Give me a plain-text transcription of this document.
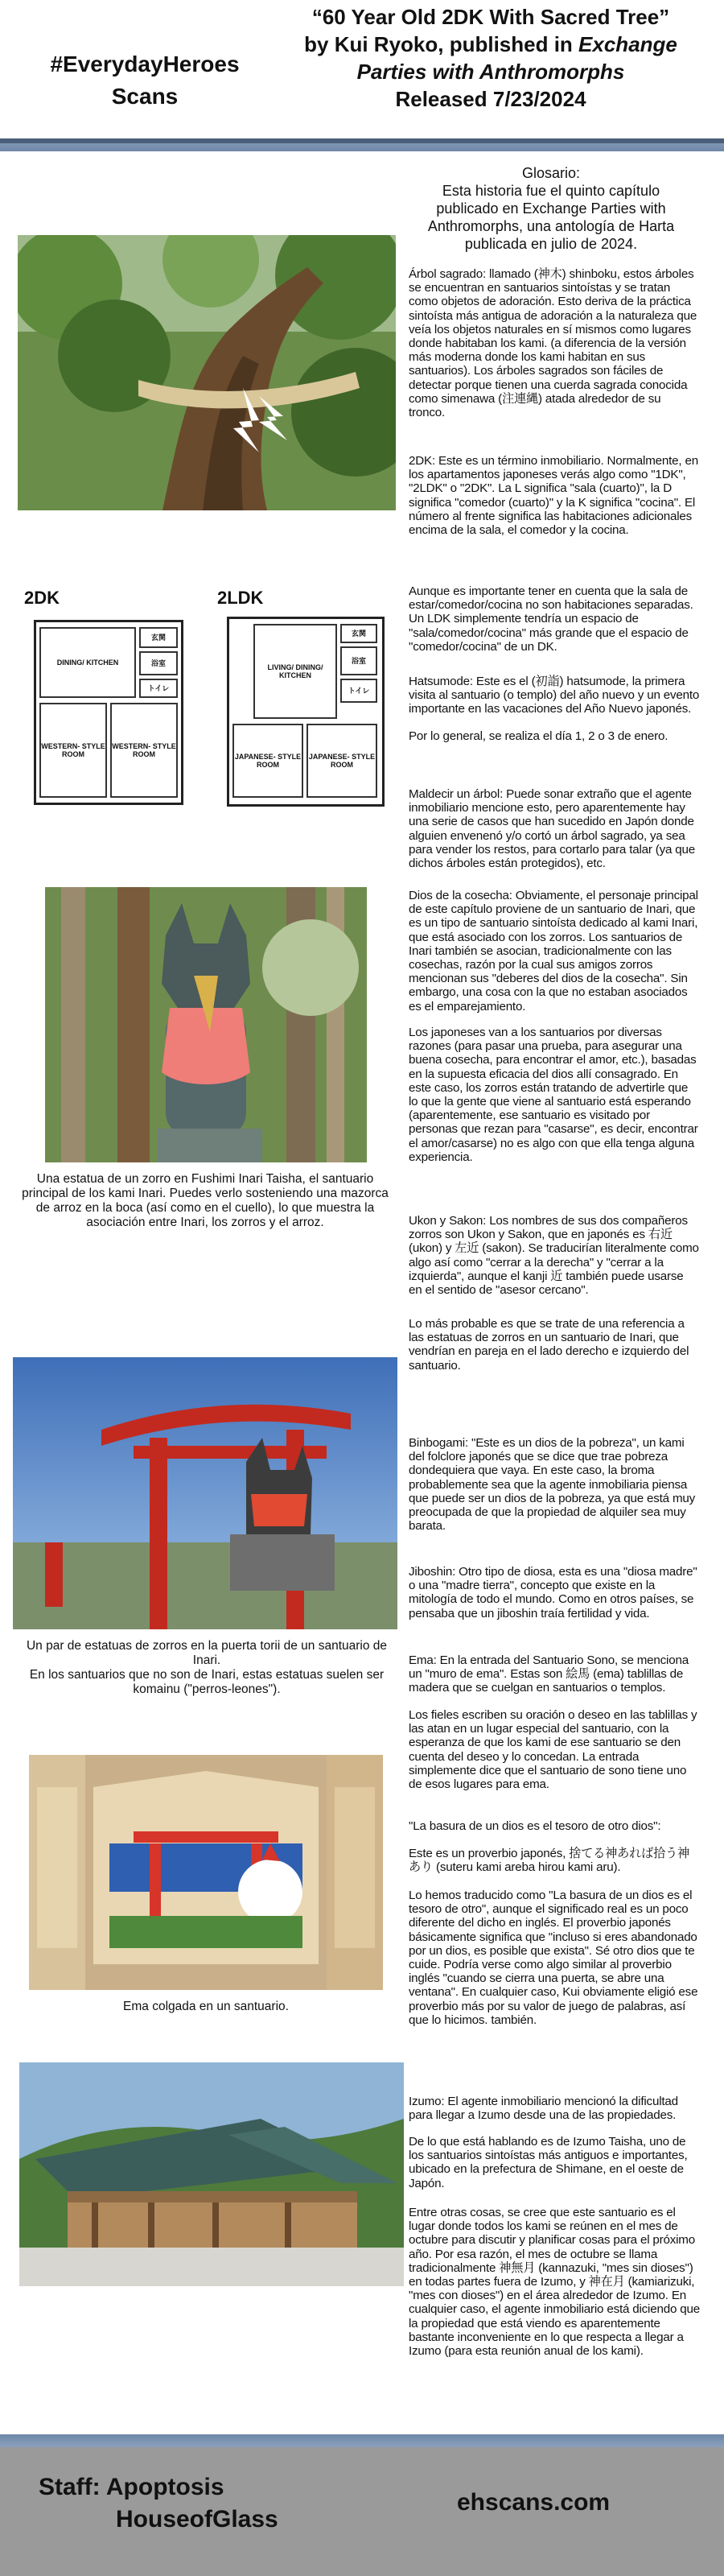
#EverydayHeroes
Scans
“60 Year Old 2DK With Sacred Tree”
by Kui Ryoko, published in Exchange
Parties with Anthromorphs
Released 7/23/2024
Glosario:
Esta historia fue el quinto capítulo publicado en Exchange Parties with Anthromorphs, una antología de Harta publicada en julio de 2024.
Árbol sagrado: llamado (神木) shinboku, estos árboles se encuentran en santuarios sintoístas y se tratan como objetos de adoración. Esto deriva de la práctica sintoísta más antigua de adoración a la naturaleza que veía los objetos naturales en sí mismos como lugares donde habitaban los kami. (a diferencia de la versión más moderna donde los kami habitan en sus santuarios). Los árboles sagrados son fáciles de detectar porque tienen una cuerda sagrada conocida como simenawa (注連縄) atada alrededor de su tronco.
2DK: Este es un término inmobiliario. Normalmente, en los apartamentos japoneses verás algo como "1DK", "2LDK" o "2DK". La L significa "sala (cuarto)", la D significa "comedor (cuarto)" y la K significa "cocina". El número al frente significa las habitaciones adicionales encima de la sala, el comedor y la cocina.
Aunque es importante tener en cuenta que la sala de estar/comedor/cocina no son habitaciones separadas. Un LDK simplemente tendría un espacio de "sala/comedor/cocina" más grande que el espacio de "comedor/cocina" de un DK.
2DK
DINING/ KITCHEN
玄関
浴室
トイレ
WESTERN- STYLE ROOM
WESTERN- STYLE ROOM
2LDK
玄関
LIVING/ DINING/ KITCHEN
浴室
トイレ
JAPANESE- STYLE ROOM
JAPANESE- STYLE ROOM
Hatsumode: Este es el (初詣) hatsumode, la primera visita al santuario (o templo) del año nuevo y un evento importante en las vacaciones del Año Nuevo japonés.
Por lo general, se realiza el día 1, 2 o 3 de enero.
Maldecir un árbol: Puede sonar extraño que el agente inmobiliario mencione esto, pero aparentemente hay una serie de casos que han sucedido en Japón donde alguien envenenó y/o cortó un árbol sagrado, ya sea para vender los restos, para cortarlo para talar (ya que dichos árboles están protegidos), etc.
Una estatua de un zorro en Fushimi Inari Taisha, el santuario principal de los kami Inari. Puedes verlo sosteniendo una mazorca de arroz en la boca (así como en el cuello), lo que muestra la asociación entre Inari, los zorros y el arroz.
Dios de la cosecha: Obviamente, el personaje principal de este capítulo proviene de un santuario de Inari, que es un tipo de santuario sintoísta dedicado al kami Inari, que está asociado con los zorros. Los santuarios de Inari también se asocian, tradicionalmente con las cosechas, razón por la cual sus amigos zorros mencionan sus "deberes del dios de la cosecha". Sin embargo, una cosa con la que no estaban asociados es el emparejamiento.
Los japoneses van a los santuarios por diversas razones (para pasar una prueba, para asegurar una buena cosecha, para encontrar el amor, etc.), basadas en la supuesta eficacia del dios allí consagrado. En este caso, los zorros están tratando de advertirle que lo que la gente que viene al santuario está esperando (aparentemente, ese santuario es visitado por personas que rezan para "casarse", es decir, encontrar el amor/casarse) no es algo con que ella tenga alguna experiencia.
Ukon y Sakon: Los nombres de sus dos compañeros zorros son Ukon y Sakon, que en japonés es 右近 (ukon) y 左近 (sakon). Se traducirían literalmente como algo así como "cerrar a la derecha" y "cerrar a la izquierda", aunque el kanji 近 también puede usarse en el sentido de "asesor cercano".
Lo más probable es que se trate de una referencia a las estatuas de zorros en un santuario de Inari, que vendrían en pareja en el lado derecho e izquierdo del santuario.
Un par de estatuas de zorros en la puerta torii de un santuario de Inari.
En los santuarios que no son de Inari, estas estatuas suelen ser komainu ("perros-leones").
Binbogami: "Este es un dios de la pobreza", un kami del folclore japonés que se dice que trae pobreza dondequiera que vaya. En este caso, la broma probablemente sea que la agente inmobiliaria piensa que puede ser un dios de la pobreza, ya que está muy preocupada de que la propiedad de alquiler sea muy barata.
Jiboshin: Otro tipo de diosa, esta es una "diosa madre" o una "madre tierra", concepto que existe en la mitología de todo el mundo. Como en otros países, se pensaba que un jiboshin traía fertilidad y vida.
Ema: En la entrada del Santuario Sono, se menciona un "muro de ema". Estas son 絵馬 (ema) tablillas de madera que se cuelgan en santuarios o templos.
Los fieles escriben su oración o deseo en las tablillas y las atan en un lugar especial del santuario, con la esperanza de que los kami de ese santuario se den cuenta del deseo y lo concedan. La entrada simplemente dice que el santuario de sono tiene uno de esos lugares para ema.
Ema colgada en un santuario.
"La basura de un dios es el tesoro de otro dios":
Este es un proverbio japonés, 捨てる神あれば拾う神あり (suteru kami areba hirou kami aru).
Lo hemos traducido como "La basura de un dios es el tesoro de otro", aunque el significado real es un poco diferente del dicho en inglés. El proverbio japonés básicamente significa que "incluso si eres abandonado por un dios, es posible que exista". Sé otro dios que te cuide. Podría verse como algo similar al proverbio inglés "cuando se cierra una puerta, se abre una ventana". En cualquier caso, Kui obviamente eligió ese proverbio más por su valor de juego de palabras, así que lo hicimos. también.
Izumo: El agente inmobiliario mencionó la dificultad para llegar a Izumo desde una de las propiedades.
De lo que está hablando es de Izumo Taisha, uno de los santuarios sintoístas más antiguos e importantes, ubicado en la prefectura de Shimane, en el oeste de Japón.
Entre otras cosas, se cree que este santuario es el lugar donde todos los kami se reúnen en el mes de octubre para discutir y planificar cosas para el próximo año. Por esa razón, el mes de octubre se llama tradicionalmente 神無月 (kannazuki, "mes sin dioses") en todas partes fuera de Izumo, y 神在月 (kamiarizuki, "mes con dioses") en el área alrededor de Izumo. En cualquier caso, el agente inmobiliario está diciendo que la propiedad que está viendo es aparentemente bastante inconveniente en lo que respecta a llegar a Izumo (para esta reunión anual de los kami).
Staff: Apoptosis
HouseofGlass
ehscans.com
